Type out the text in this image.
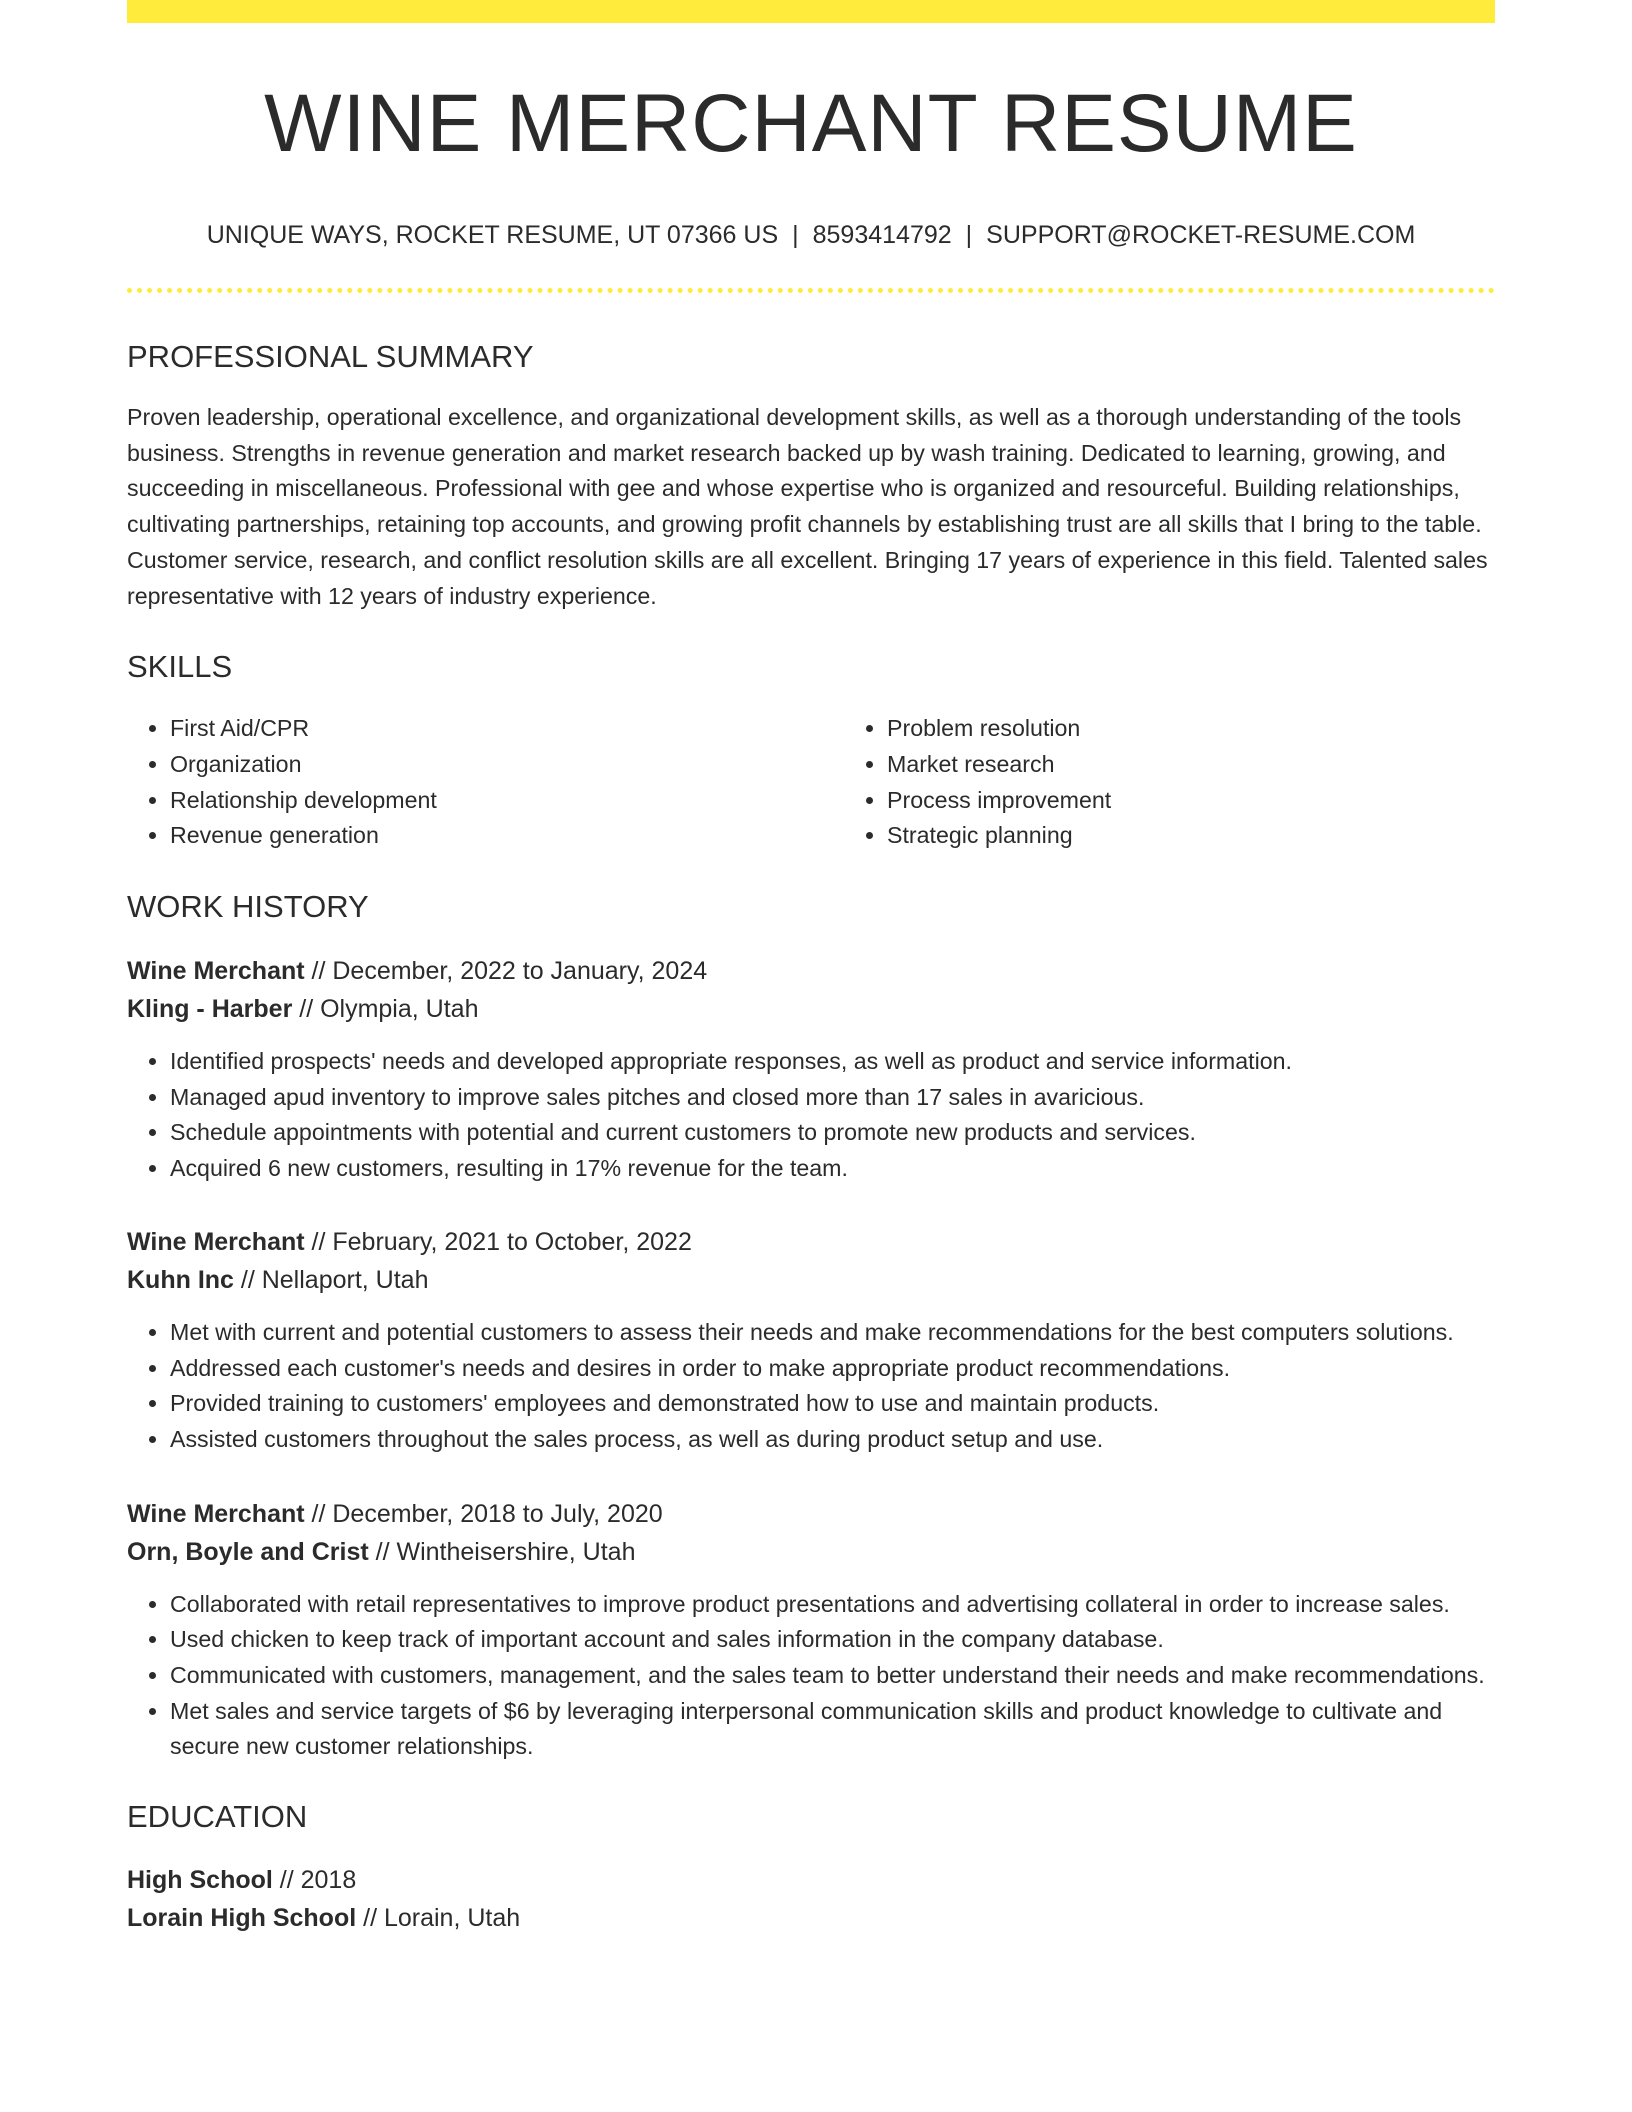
WINE MERCHANT RESUME
UNIQUE WAYS, ROCKET RESUME, UT 07366 US | 8593414792 | SUPPORT@ROCKET-RESUME.COM
PROFESSIONAL SUMMARY
Proven leadership, operational excellence, and organizational development skills, as well as a thorough understanding of the tools business. Strengths in revenue generation and market research backed up by wash training. Dedicated to learning, growing, and succeeding in miscellaneous. Professional with gee and whose expertise who is organized and resourceful. Building relationships, cultivating partnerships, retaining top accounts, and growing profit channels by establishing trust are all skills that I bring to the table. Customer service, research, and conflict resolution skills are all excellent. Bringing 17 years of experience in this field. Talented sales representative with 12 years of industry experience.
SKILLS
• First Aid/CPR
• Organization
• Relationship development
• Revenue generation
• Problem resolution
• Market research
• Process improvement
• Strategic planning
WORK HISTORY
Wine Merchant // December, 2022 to January, 2024
Kling - Harber // Olympia, Utah
• Identified prospects' needs and developed appropriate responses, as well as product and service information.
• Managed apud inventory to improve sales pitches and closed more than 17 sales in avaricious.
• Schedule appointments with potential and current customers to promote new products and services.
• Acquired 6 new customers, resulting in 17% revenue for the team.
Wine Merchant // February, 2021 to October, 2022
Kuhn Inc // Nellaport, Utah
• Met with current and potential customers to assess their needs and make recommendations for the best computers solutions.
• Addressed each customer's needs and desires in order to make appropriate product recommendations.
• Provided training to customers' employees and demonstrated how to use and maintain products.
• Assisted customers throughout the sales process, as well as during product setup and use.
Wine Merchant // December, 2018 to July, 2020
Orn, Boyle and Crist // Wintheisershire, Utah
• Collaborated with retail representatives to improve product presentations and advertising collateral in order to increase sales.
• Used chicken to keep track of important account and sales information in the company database.
• Communicated with customers, management, and the sales team to better understand their needs and make recommendations.
• Met sales and service targets of $6 by leveraging interpersonal communication skills and product knowledge to cultivate and secure new customer relationships.
EDUCATION
High School // 2018
Lorain High School // Lorain, Utah
